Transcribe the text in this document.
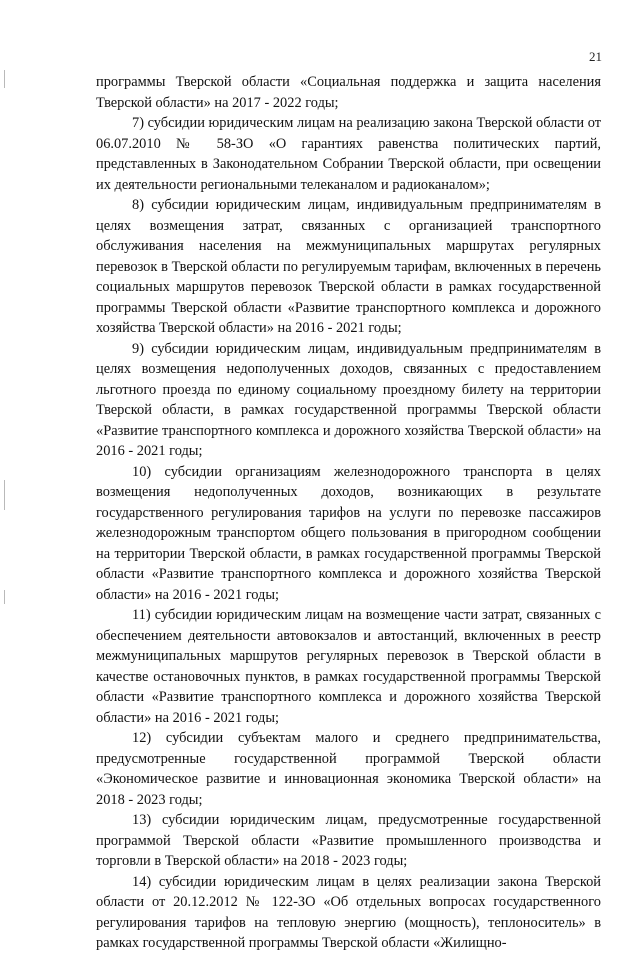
21

программы Тверской области «Социальная поддержка и защита населения Тверской области» на 2017 - 2022 годы;

7) субсидии юридическим лицам на реализацию закона Тверской области от 06.07.2010 № 58-ЗО «О гарантиях равенства политических партий, представленных в Законодательном Собрании Тверской области, при освещении их деятельности региональными телеканалом и радиоканалом»;

8) субсидии юридическим лицам, индивидуальным предпринимателям в целях возмещения затрат, связанных с организацией транспортного обслуживания населения на межмуниципальных маршрутах регулярных перевозок в Тверской области по регулируемым тарифам, включенных в перечень социальных маршрутов перевозок Тверской области в рамках государственной программы Тверской области «Развитие транспортного комплекса и дорожного хозяйства Тверской области» на 2016 - 2021 годы;

9) субсидии юридическим лицам, индивидуальным предпринимателям в целях возмещения недополученных доходов, связанных с предоставлением льготного проезда по единому социальному проездному билету на территории Тверской области, в рамках государственной программы Тверской области «Развитие транспортного комплекса и дорожного хозяйства Тверской области» на 2016 - 2021 годы;

10) субсидии организациям железнодорожного транспорта в целях возмещения недополученных доходов, возникающих в результате государственного регулирования тарифов на услуги по перевозке пассажиров железнодорожным транспортом общего пользования в пригородном сообщении на территории Тверской области, в рамках государственной программы Тверской области «Развитие транспортного комплекса и дорожного хозяйства Тверской области» на 2016 - 2021 годы;

11) субсидии юридическим лицам на возмещение части затрат, связанных с обеспечением деятельности автовокзалов и автостанций, включенных в реестр межмуниципальных маршрутов регулярных перевозок в Тверской области в качестве остановочных пунктов, в рамках государственной программы Тверской области «Развитие транспортного комплекса и дорожного хозяйства Тверской области» на 2016 - 2021 годы;

12) субсидии субъектам малого и среднего предпринимательства, предусмотренные государственной программой Тверской области «Экономическое развитие и инновационная экономика Тверской области» на 2018 - 2023 годы;

13) субсидии юридическим лицам, предусмотренные государственной программой Тверской области «Развитие промышленного производства и торговли в Тверской области» на 2018 - 2023 годы;

14) субсидии юридическим лицам в целях реализации закона Тверской области от 20.12.2012 № 122-ЗО «Об отдельных вопросах государственного регулирования тарифов на тепловую энергию (мощность), теплоноситель» в рамках государственной программы Тверской области «Жилищно-
